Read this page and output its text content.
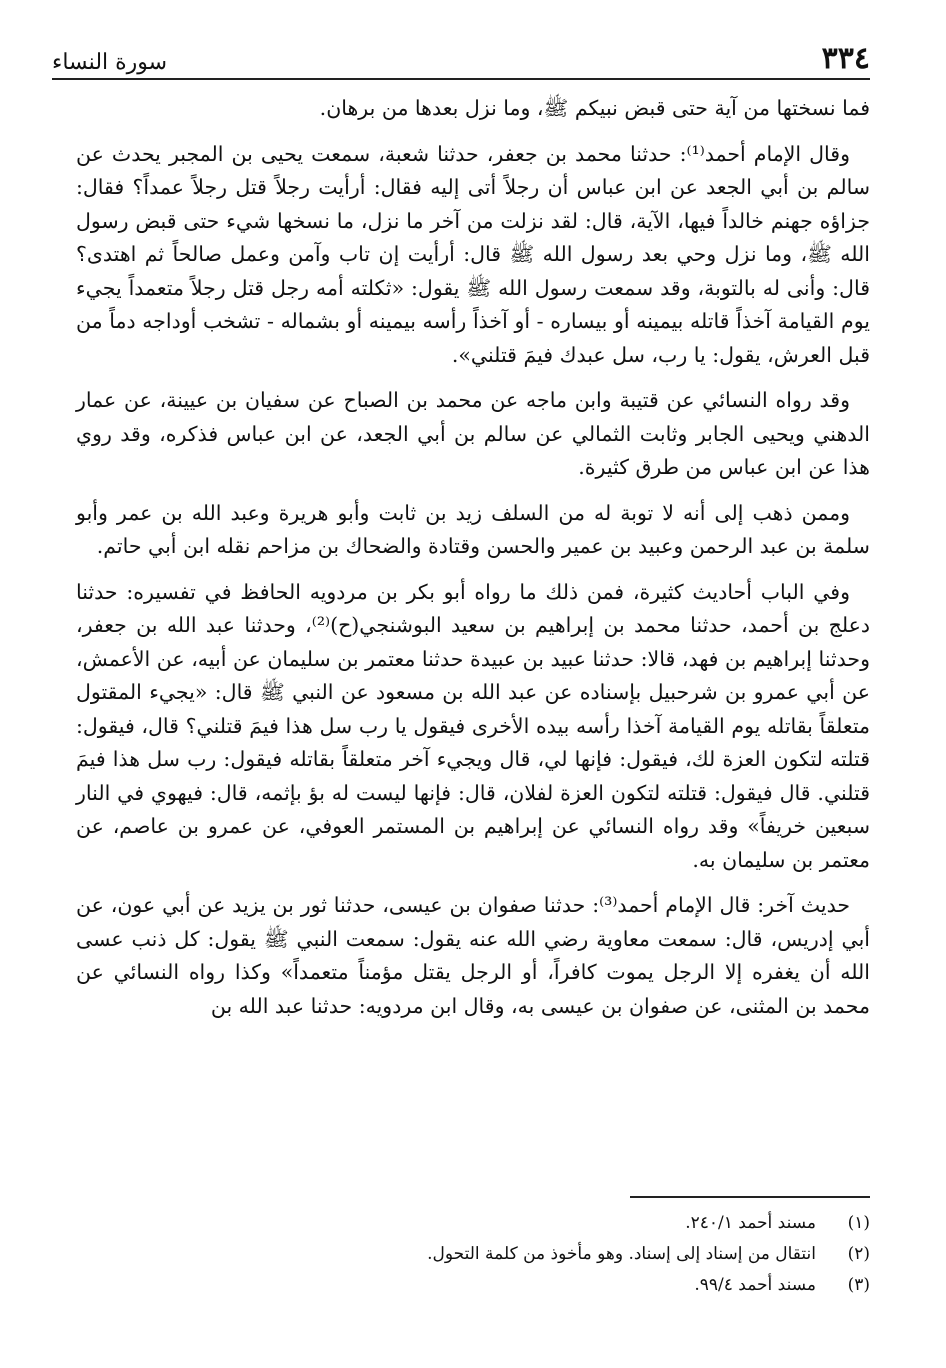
٣٣٤
سورة النساء

فما نسختها من آية حتى قبض نبيكم ﷺ، وما نزل بعدها من برهان.

وقال الإمام أحمد⁽¹⁾: حدثنا محمد بن جعفر، حدثنا شعبة، سمعت يحيى بن المجبر يحدث عن سالم بن أبي الجعد عن ابن عباس أن رجلاً أتى إليه فقال: أرأيت رجلاً قتل رجلاً عمداً؟ فقال: جزاؤه جهنم خالداً فيها، الآية، قال: لقد نزلت من آخر ما نزل، ما نسخها شيء حتى قبض رسول الله ﷺ، وما نزل وحي بعد رسول الله ﷺ قال: أرأيت إن تاب وآمن وعمل صالحاً ثم اهتدى؟ قال: وأنى له بالتوبة، وقد سمعت رسول الله ﷺ يقول: «ثكلته أمه رجل قتل رجلاً متعمداً يجيء يوم القيامة آخذاً قاتله بيمينه أو بيساره - أو آخذاً رأسه بيمينه أو بشماله - تشخب أوداجه دماً من قبل العرش، يقول: يا رب، سل عبدك فيمَ قتلني».

وقد رواه النسائي عن قتيبة وابن ماجه عن محمد بن الصباح عن سفيان بن عيينة، عن عمار الدهني ويحيى الجابر وثابت الثمالي عن سالم بن أبي الجعد، عن ابن عباس فذكره، وقد روي هذا عن ابن عباس من طرق كثيرة.

وممن ذهب إلى أنه لا توبة له من السلف زيد بن ثابت وأبو هريرة وعبد الله بن عمر وأبو سلمة بن عبد الرحمن وعبيد بن عمير والحسن وقتادة والضحاك بن مزاحم نقله ابن أبي حاتم.

وفي الباب أحاديث كثيرة، فمن ذلك ما رواه أبو بكر بن مردويه الحافظ في تفسيره: حدثنا دعلج بن أحمد، حدثنا محمد بن إبراهيم بن سعيد البوشنجي(ح)⁽²⁾، وحدثنا عبد الله بن جعفر، وحدثنا إبراهيم بن فهد، قالا: حدثنا عبيد بن عبيدة حدثنا معتمر بن سليمان عن أبيه، عن الأعمش، عن أبي عمرو بن شرحبيل بإسناده عن عبد الله بن مسعود عن النبي ﷺ قال: «يجيء المقتول متعلقاً بقاتله يوم القيامة آخذا رأسه بيده الأخرى فيقول يا رب سل هذا فيمَ قتلني؟ قال، فيقول: قتلته لتكون العزة لك، فيقول: فإنها لي، قال ويجيء آخر متعلقاً بقاتله فيقول: رب سل هذا فيمَ قتلني. قال فيقول: قتلته لتكون العزة لفلان، قال: فإنها ليست له بؤ بإثمه، قال: فيهوي في النار سبعين خريفاً» وقد رواه النسائي عن إبراهيم بن المستمر العوفي، عن عمرو بن عاصم، عن معتمر بن سليمان به.

حديث آخر: قال الإمام أحمد⁽³⁾: حدثنا صفوان بن عيسى، حدثنا ثور بن يزيد عن أبي عون، عن أبي إدريس، قال: سمعت معاوية رضي الله عنه يقول: سمعت النبي ﷺ يقول: كل ذنب عسى الله أن يغفره إلا الرجل يموت كافراً، أو الرجل يقتل مؤمناً متعمداً» وكذا رواه النسائي عن محمد بن المثنى، عن صفوان بن عيسى به، وقال ابن مردويه: حدثنا عبد الله بن

(١)
مسند أحمد ٢٤٠/١.
(٢)
انتقال من إسناد إلى إسناد. وهو مأخوذ من كلمة التحول.
(٣)
مسند أحمد ٩٩/٤.
